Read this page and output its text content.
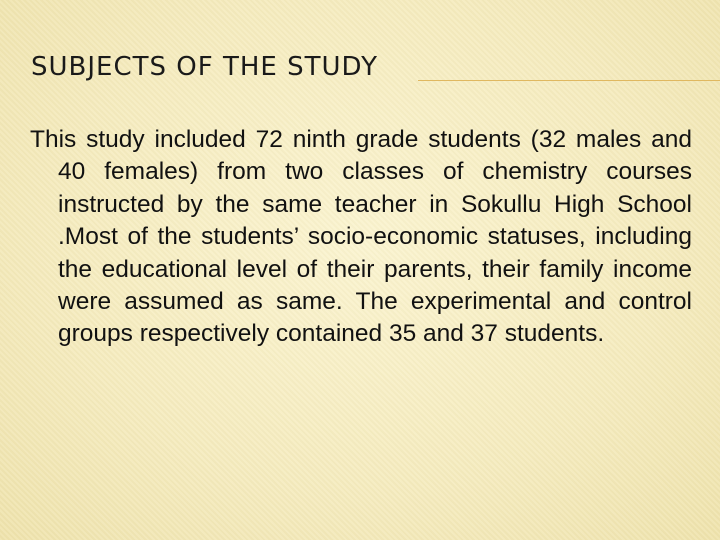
SUBJECTS OF THE STUDY

This study included 72 ninth grade students (32 males and 40 females) from two classes of chemistry courses instructed by the same teacher in Sokullu High School .Most of the students’ socio-economic statuses, including the educational level of their parents, their family income were assumed as same. The experimental and control groups respectively contained 35 and 37 students.
